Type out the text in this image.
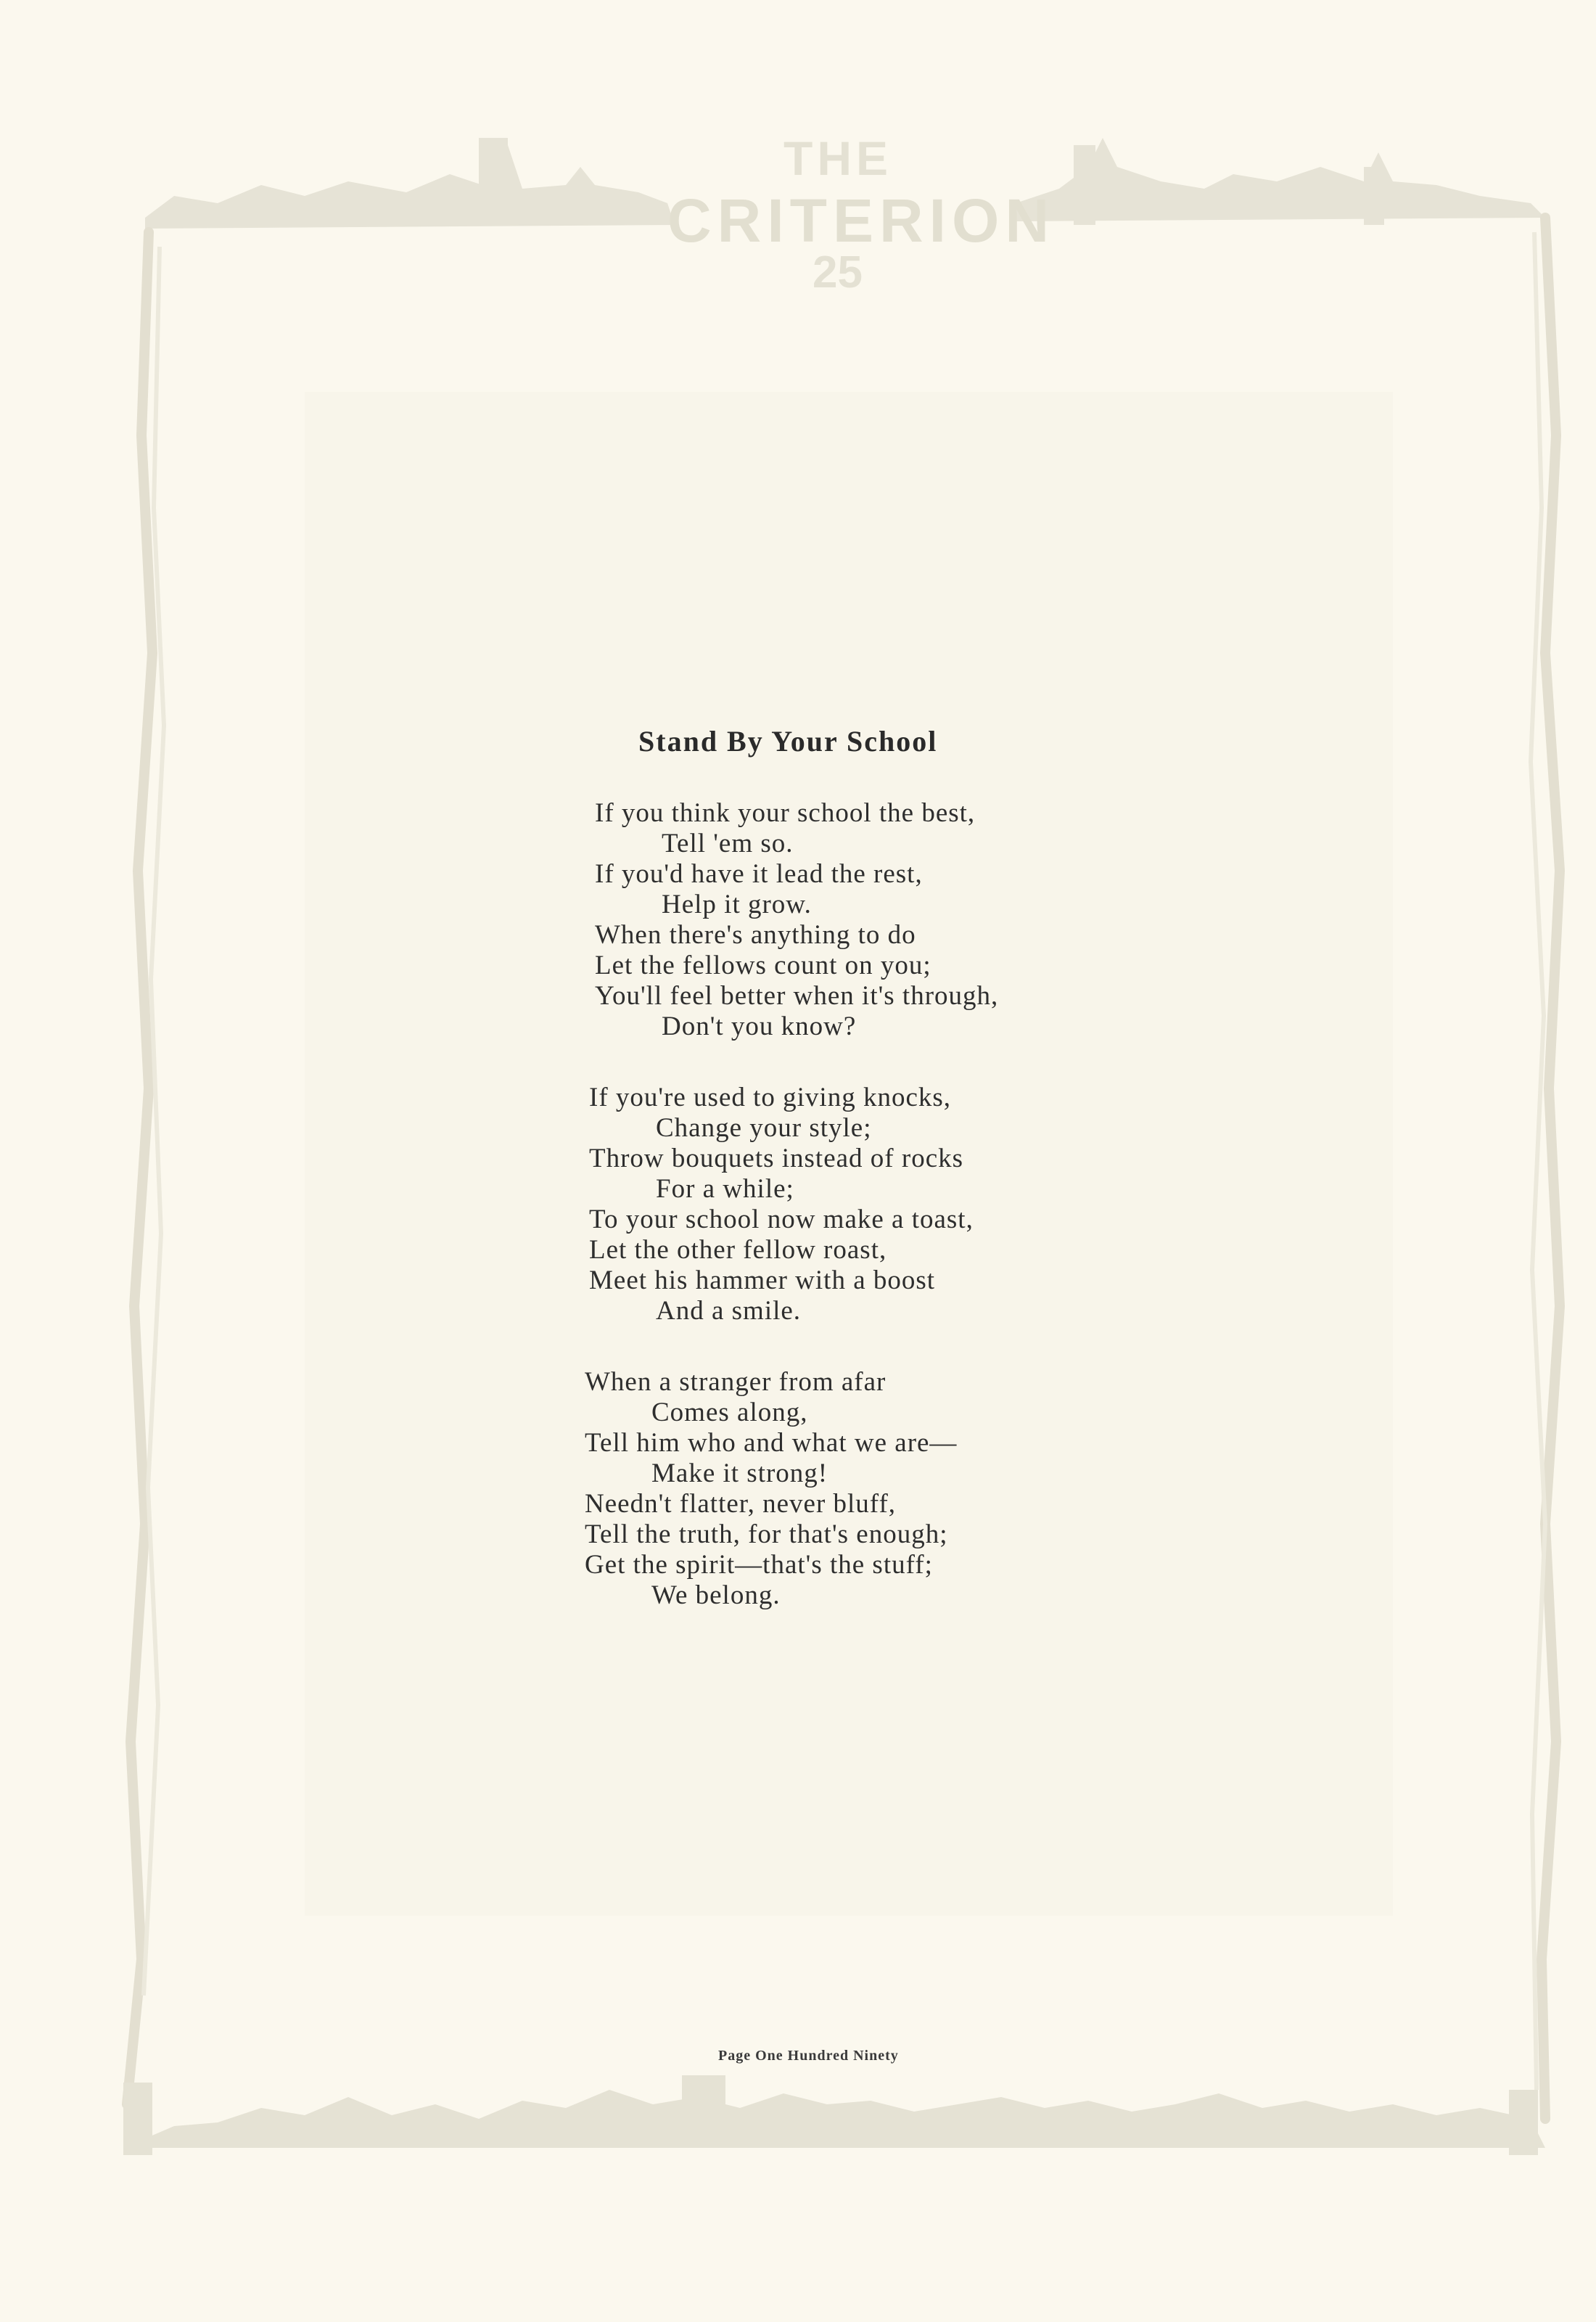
THE
CRITERION
25
Stand By Your School
If you think your school the best,
Tell 'em so.
If you'd have it lead the rest,
Help it grow.
When there's anything to do
Let the fellows count on you;
You'll feel better when it's through,
Don't you know?
If you're used to giving knocks,
Change your style;
Throw bouquets instead of rocks
For a while;
To your school now make a toast,
Let the other fellow roast,
Meet his hammer with a boost
And a smile.
When a stranger from afar
Comes along,
Tell him who and what we are—
Make it strong!
Needn't flatter, never bluff,
Tell the truth, for that's enough;
Get the spirit—that's the stuff;
We belong.
Page One Hundred Ninety
